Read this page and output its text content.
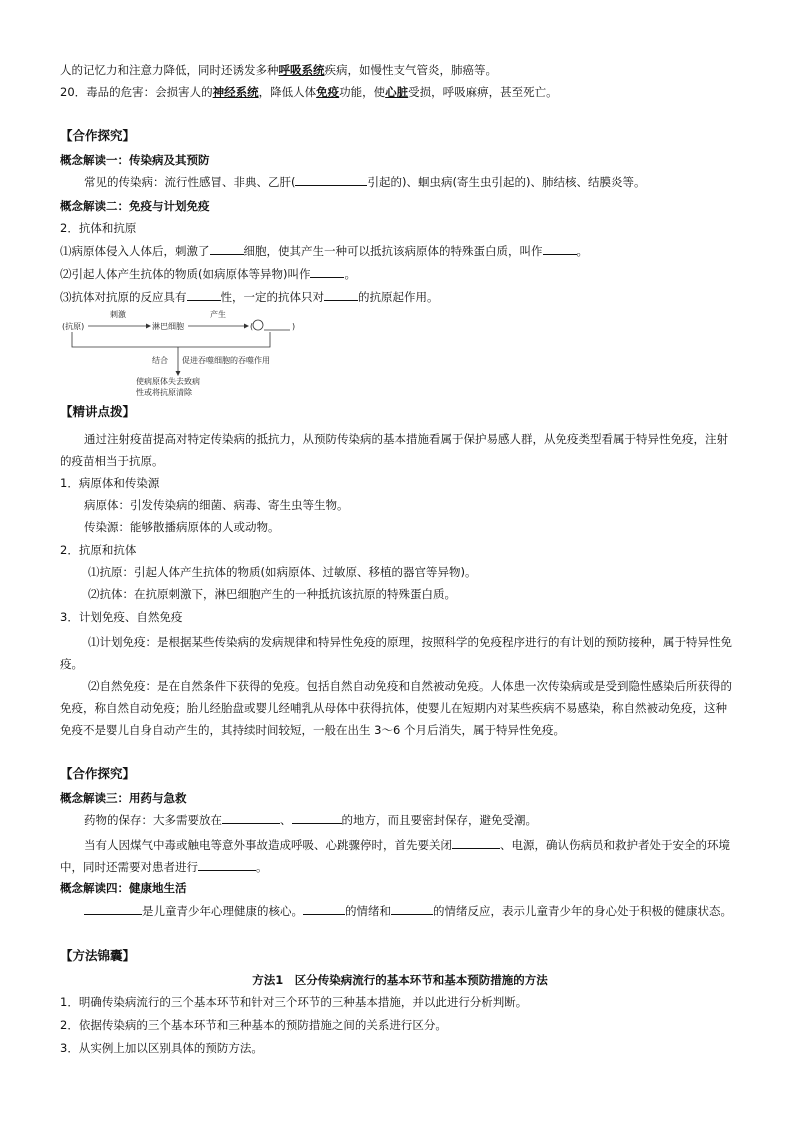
人的记忆力和注意力降低，同时还诱发多种呼吸系统疾病，如慢性支气管炎，肺癌等。
20．毒品的危害：会损害人的神经系统，降低人体免疫功能，使心脏受损，呼吸麻痹，甚至死亡。
【合作探究】
概念解读一：传染病及其预防
常见的传染病：流行性感冒、非典、乙肝(	引起的)、蛔虫病(寄生虫引起的)、肺结核、结膜炎等。
概念解读二：免疫与计划免疫
2．抗体和抗原
⑴病原体侵入人体后，刺激了	细胞，使其产生一种可以抵抗该病原体的特殊蛋白质，叫作	。
⑵引起人体产生抗体的物质(如病原体等异物)叫作	。
⑶抗体对抗原的反应具有	性，一定的抗体只对	的抗原起作用。
(抗原)
刺激
淋巴细胞
产生
(	)
结合 促进吞噬细胞的吞噬作用
使病原体失去致病
性或将抗原清除
【精讲点拨】
通过注射疫苗提高对特定传染病的抵抗力，从预防传染病的基本措施看属于保护易感人群，从免疫类型看属于特异性免疫，注射的疫苗相当于抗原。
1．病原体和传染源
病原体：引发传染病的细菌、病毒、寄生虫等生物。
传染源：能够散播病原体的人或动物。
2．抗原和抗体
⑴抗原：引起人体产生抗体的物质(如病原体、过敏原、移植的器官等异物)。
⑵抗体：在抗原刺激下，淋巴细胞产生的一种抵抗该抗原的特殊蛋白质。
3．计划免疫、自然免疫
⑴计划免疫：是根据某些传染病的发病规律和特异性免疫的原理，按照科学的免疫程序进行的有计划的预防接种，属于特异性免疫。
⑵自然免疫：是在自然条件下获得的免疫。包括自然自动免疫和自然被动免疫。人体患一次传染病或是受到隐性感染后所获得的免疫，称自然自动免疫；胎儿经胎盘或婴儿经哺乳从母体中获得抗体，使婴儿在短期内对某些疾病不易感染，称自然被动免疫，这种免疫不是婴儿自身自动产生的，其持续时间较短，一般在出生 3～6 个月后消失，属于特异性免疫。
【合作探究】
概念解读三：用药与急救
药物的保存：大多需要放在	、	的地方，而且要密封保存，避免受潮。
当有人因煤气中毒或触电等意外事故造成呼吸、心跳骤停时，首先要关闭	、电源，确认伤病员和救护者处于安全的环境中，同时还需要对患者进行	。
概念解读四：健康地生活
是儿童青少年心理健康的核心。	的情绪和	的情绪反应，表示儿童青少年的身心处于积极的健康状态。
【方法锦囊】
方法1　区分传染病流行的基本环节和基本预防措施的方法
1．明确传染病流行的三个基本环节和针对三个环节的三种基本措施，并以此进行分析判断。
2．依据传染病的三个基本环节和三种基本的预防措施之间的关系进行区分。
3．从实例上加以区别具体的预防方法。
